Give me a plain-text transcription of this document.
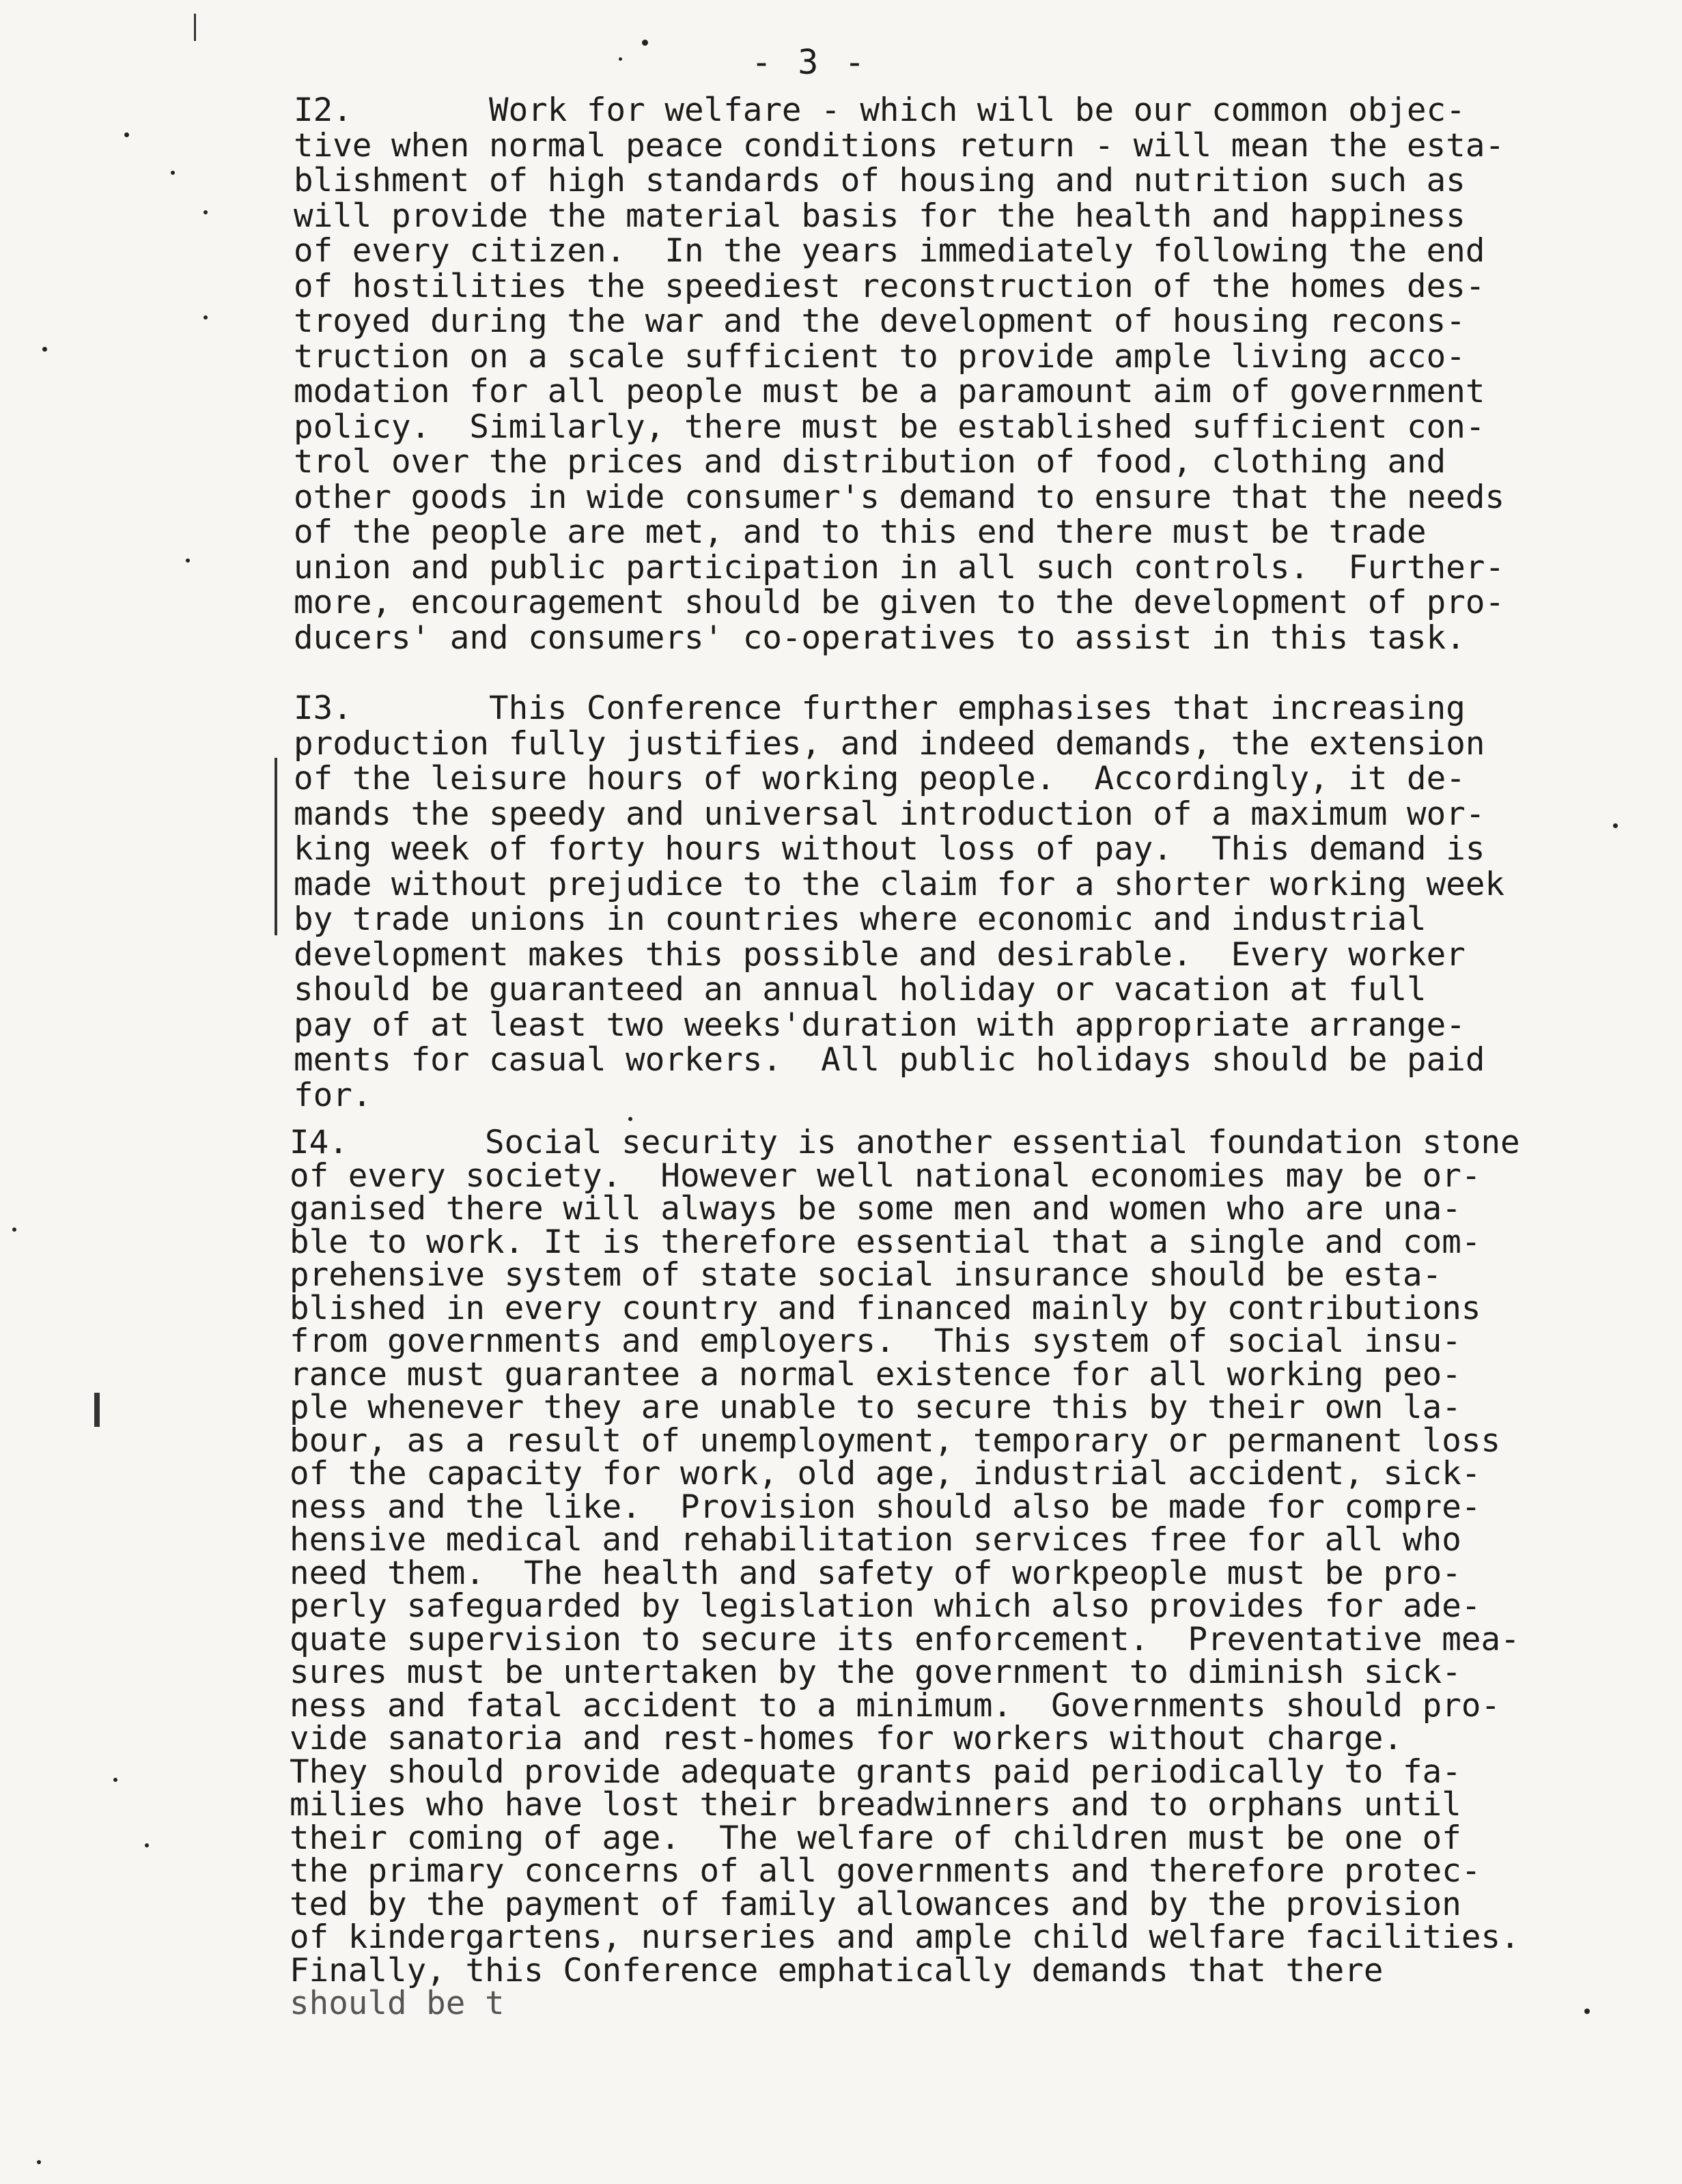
- 3 -
I2.       Work for welfare - which will be our common objec-
tive when normal peace conditions return - will mean the esta-
blishment of high standards of housing and nutrition such as
will provide the material basis for the health and happiness
of every citizen.  In the years immediately following the end
of hostilities the speediest reconstruction of the homes des-
troyed during the war and the development of housing recons-
truction on a scale sufficient to provide ample living acco-
modation for all people must be a paramount aim of government
policy.  Similarly, there must be established sufficient con-
trol over the prices and distribution of food, clothing and
other goods in wide consumer's demand to ensure that the needs
of the people are met, and to this end there must be trade
union and public participation in all such controls.  Further-
more, encouragement should be given to the development of pro-
ducers' and consumers' co-operatives to assist in this task.
I3.       This Conference further emphasises that increasing
production fully justifies, and indeed demands, the extension
of the leisure hours of working people.  Accordingly, it de-
mands the speedy and universal introduction of a maximum wor-
king week of forty hours without loss of pay.  This demand is
made without prejudice to the claim for a shorter working week
by trade unions in countries where economic and industrial
development makes this possible and desirable.  Every worker
should be guaranteed an annual holiday or vacation at full
pay of at least two weeks'duration with appropriate arrange-
ments for casual workers.  All public holidays should be paid
for.
I4.       Social security is another essential foundation stone
of every society.  However well national economies may be or-
ganised there will always be some men and women who are una-
ble to work. It is therefore essential that a single and com-
prehensive system of state social insurance should be esta-
blished in every country and financed mainly by contributions
from governments and employers.  This system of social insu-
rance must guarantee a normal existence for all working peo-
ple whenever they are unable to secure this by their own la-
bour, as a result of unemployment, temporary or permanent loss
of the capacity for work, old age, industrial accident, sick-
ness and the like.  Provision should also be made for compre-
hensive medical and rehabilitation services free for all who
need them.  The health and safety of workpeople must be pro-
perly safeguarded by legislation which also provides for ade-
quate supervision to secure its enforcement.  Preventative mea-
sures must be untertaken by the government to diminish sick-
ness and fatal accident to a minimum.  Governments should pro-
vide sanatoria and rest-homes for workers without charge.
They should provide adequate grants paid periodically to fa-
milies who have lost their breadwinners and to orphans until
their coming of age.  The welfare of children must be one of
the primary concerns of all governments and therefore protec-
ted by the payment of family allowances and by the provision
of kindergartens, nurseries and ample child welfare facilities.
Finally, this Conference emphatically demands that there
should be t
